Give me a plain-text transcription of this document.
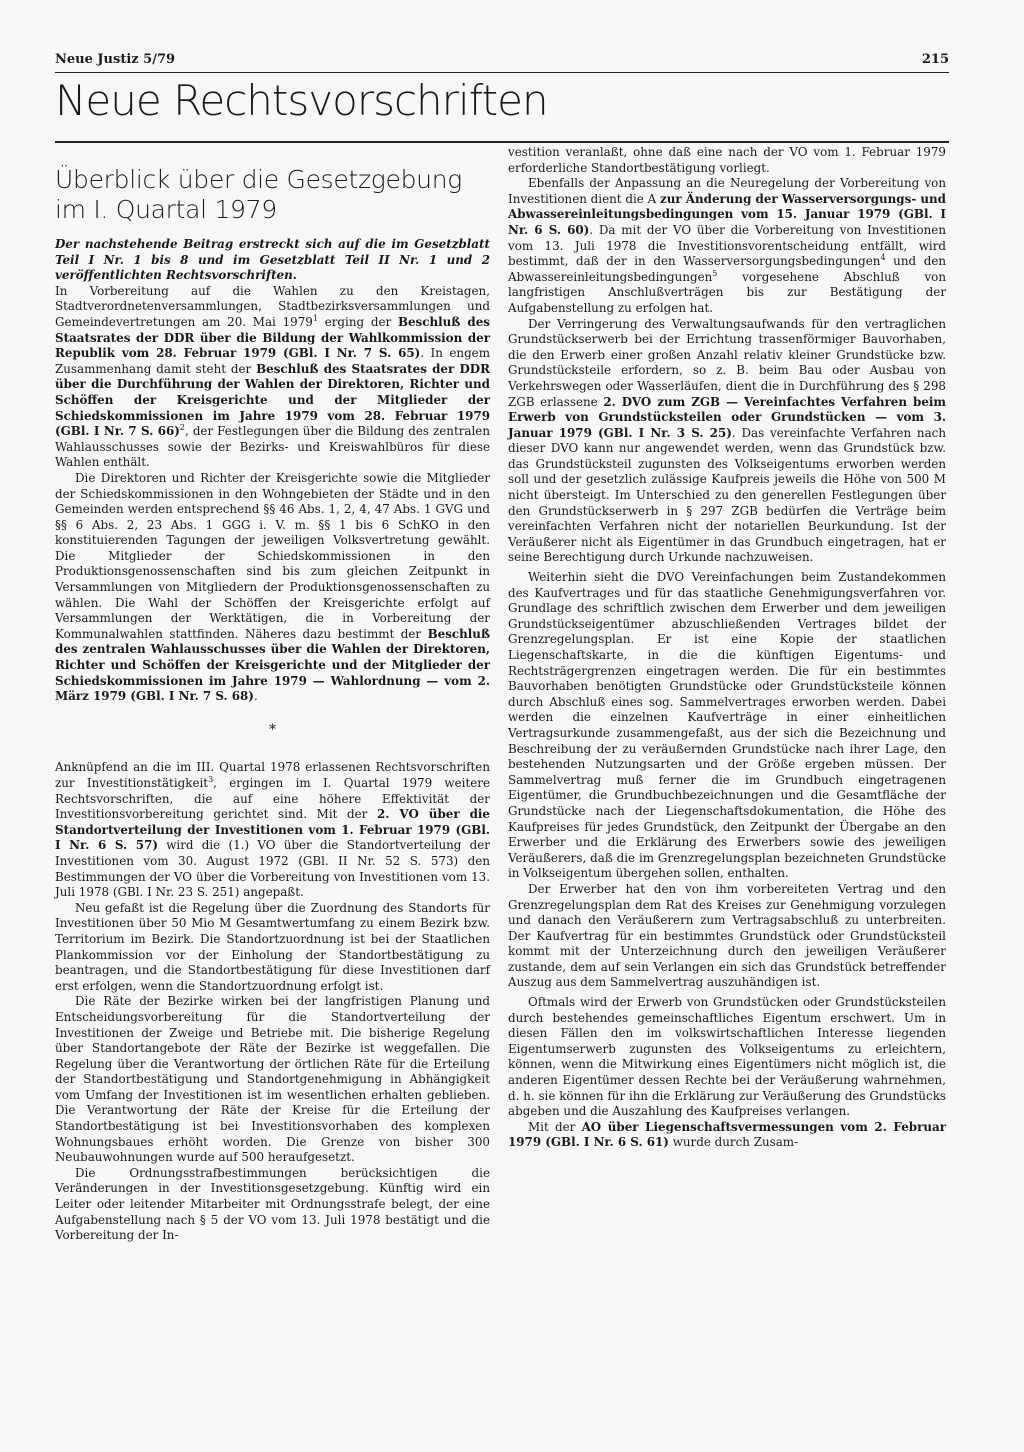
Neue Justiz 5/79	215
Neue Rechtsvorschriften
Überblick über die Gesetzgebung
im I. Quartal 1979

Der nachstehende Beitrag erstreckt sich auf die im Gesetzblatt Teil I Nr. 1 bis 8 und im Gesetzblatt Teil II Nr. 1 und 2 veröffentlichten Rechtsvorschriften.

In Vorbereitung auf die Wahlen zu den Kreistagen, Stadtverordnetenversammlungen, Stadtbezirksversammlungen und Gemeindevertretungen am 20. Mai 1979$^1$ erging der Beschluß des Staatsrates der DDR über die Bildung der Wahlkommission der Republik vom 28. Februar 1979 (GBl. I Nr. 7 S. 65). In engem Zusammenhang damit steht der Beschluß des Staatsrates der DDR über die Durchführung der Wahlen der Direktoren, Richter und Schöffen der Kreisgerichte und der Mitglieder der Schiedskommissionen im Jahre 1979 vom 28. Februar 1979 (GBl. I Nr. 7 S. 66)$^2$, der Festlegungen über die Bildung des zentralen Wahlausschusses sowie der Bezirks- und Kreiswahlbüros für diese Wahlen enthält.

Die Direktoren und Richter der Kreisgerichte sowie die Mitglieder der Schiedskommissionen in den Wohngebieten der Städte und in den Gemeinden werden entsprechend §§ 46 Abs. 1, 2, 4, 47 Abs. 1 GVG und §§ 6 Abs. 2, 23 Abs. 1 GGG i. V. m. §§ 1 bis 6 SchKO in den konstituierenden Tagungen der jeweiligen Volksvertretung gewählt. Die Mitglieder der Schiedskommissionen in den Produktionsgenossenschaften sind bis zum gleichen Zeitpunkt in Versammlungen von Mitgliedern der Produktionsgenossenschaften zu wählen. Die Wahl der Schöffen der Kreisgerichte erfolgt auf Versammlungen der Werktätigen, die in Vorbereitung der Kommunalwahlen stattfinden. Näheres dazu bestimmt der Beschluß des zentralen Wahlausschusses über die Wahlen der Direktoren, Richter und Schöffen der Kreisgerichte und der Mitglieder der Schiedskommissionen im Jahre 1979 — Wahlordnung — vom 2. März 1979 (GBl. I Nr. 7 S. 68).

*

Anknüpfend an die im III. Quartal 1978 erlassenen Rechtsvorschriften zur Investitionstätigkeit$^3$, ergingen im I. Quartal 1979 weitere Rechtsvorschriften, die auf eine höhere Effektivität der Investitionsvorbereitung gerichtet sind. Mit der 2. VO über die Standortverteilung der Investitionen vom 1. Februar 1979 (GBl. I Nr. 6 S. 57) wird die (1.) VO über die Standortverteilung der Investitionen vom 30. August 1972 (GBl. II Nr. 52 S. 573) den Bestimmungen der VO über die Vorbereitung von Investitionen vom 13. Juli 1978 (GBl. I Nr. 23 S. 251) angepaßt.

Neu gefaßt ist die Regelung über die Zuordnung des Standorts für Investitionen über 50 Mio M Gesamtwertumfang zu einem Bezirk bzw. Territorium im Bezirk. Die Standortzuordnung ist bei der Staatlichen Plankommission vor der Einholung der Standortbestätigung zu beantragen, und die Standortbestätigung für diese Investitionen darf erst erfolgen, wenn die Standortzuordnung erfolgt ist.

Die Räte der Bezirke wirken bei der langfristigen Planung und Entscheidungsvorbereitung für die Standortverteilung der Investitionen der Zweige und Betriebe mit. Die bisherige Regelung über Standortangebote der Räte der Bezirke ist weggefallen. Die Regelung über die Verantwortung der örtlichen Räte für die Erteilung der Standortbestätigung und Standortgenehmigung in Abhängigkeit vom Umfang der Investitionen ist im wesentlichen erhalten geblieben. Die Verantwortung der Räte der Kreise für die Erteilung der Standortbestätigung ist bei Investitionsvorhaben des komplexen Wohnungsbaues erhöht worden. Die Grenze von bisher 300 Neubauwohnungen wurde auf 500 heraufgesetzt.

Die Ordnungsstrafbestimmungen berücksichtigen die Veränderungen in der Investitionsgesetzgebung. Künftig wird ein Leiter oder leitender Mitarbeiter mit Ordnungsstrafe belegt, der eine Aufgabenstellung nach § 5 der VO vom 13. Juli 1978 bestätigt und die Vorbereitung der In-

vestition veranlaßt, ohne daß eine nach der VO vom 1. Februar 1979 erforderliche Standortbestätigung vorliegt.

Ebenfalls der Anpassung an die Neuregelung der Vorbereitung von Investitionen dient die A zur Änderung der Wasserversorgungs- und Abwassereinleitungsbedingungen vom 15. Januar 1979 (GBl. I Nr. 6 S. 60). Da mit der VO über die Vorbereitung von Investitionen vom 13. Juli 1978 die Investitionsvorentscheidung entfällt, wird bestimmt, daß der in den Wasserversorgungsbedingungen$^4$ und den Abwassereinleitungsbedingungen$^5$ vorgesehene Abschluß von langfristigen Anschlußverträgen bis zur Bestätigung der Aufgabenstellung zu erfolgen hat.

Der Verringerung des Verwaltungsaufwands für den vertraglichen Grundstückserwerb bei der Errichtung trassenförmiger Bauvorhaben, die den Erwerb einer großen Anzahl relativ kleiner Grundstücke bzw. Grundstücksteile erfordern, so z. B. beim Bau oder Ausbau von Verkehrswegen oder Wasserläufen, dient die in Durchführung des § 298 ZGB erlassene 2. DVO zum ZGB — Vereinfachtes Verfahren beim Erwerb von Grundstücksteilen oder Grundstücken — vom 3. Januar 1979 (GBl. I Nr. 3 S. 25). Das vereinfachte Verfahren nach dieser DVO kann nur angewendet werden, wenn das Grundstück bzw. das Grundstücksteil zugunsten des Volkseigentums erworben werden soll und der gesetzlich zulässige Kaufpreis jeweils die Höhe von 500 M nicht übersteigt. Im Unterschied zu den generellen Festlegungen über den Grundstückserwerb in § 297 ZGB bedürfen die Verträge beim vereinfachten Verfahren nicht der notariellen Beurkundung. Ist der Veräußerer nicht als Eigentümer in das Grundbuch eingetragen, hat er seine Berechtigung durch Urkunde nachzuweisen.

Weiterhin sieht die DVO Vereinfachungen beim Zustandekommen des Kaufvertrages und für das staatliche Genehmigungsverfahren vor. Grundlage des schriftlich zwischen dem Erwerber und dem jeweiligen Grundstückseigentümer abzuschließenden Vertrages bildet der Grenzregelungsplan. Er ist eine Kopie der staatlichen Liegenschaftskarte, in die die künftigen Eigentums- und Rechtsträgergrenzen eingetragen werden. Die für ein bestimmtes Bauvorhaben benötigten Grundstücke oder Grundstücksteile können durch Abschluß eines sog. Sammelvertrages erworben werden. Dabei werden die einzelnen Kaufverträge in einer einheitlichen Vertragsurkunde zusammengefaßt, aus der sich die Bezeichnung und Beschreibung der zu veräußernden Grundstücke nach ihrer Lage, den bestehenden Nutzungsarten und der Größe ergeben müssen. Der Sammelvertrag muß ferner die im Grundbuch eingetragenen Eigentümer, die Grundbuchbezeichnungen und die Gesamtfläche der Grundstücke nach der Liegenschaftsdokumentation, die Höhe des Kaufpreises für jedes Grundstück, den Zeitpunkt der Übergabe an den Erwerber und die Erklärung des Erwerbers sowie des jeweiligen Veräußerers, daß die im Grenzregelungsplan bezeichneten Grundstücke in Volkseigentum übergehen sollen, enthalten.

Der Erwerber hat den von ihm vorbereiteten Vertrag und den Grenzregelungsplan dem Rat des Kreises zur Genehmigung vorzulegen und danach den Veräußerern zum Vertragsabschluß zu unterbreiten. Der Kaufvertrag für ein bestimmtes Grundstück oder Grundstücksteil kommt mit der Unterzeichnung durch den jeweiligen Veräußerer zustande, dem auf sein Verlangen ein sich das Grundstück betreffender Auszug aus dem Sammelvertrag auszuhändigen ist.

Oftmals wird der Erwerb von Grundstücken oder Grundstücksteilen durch bestehendes gemeinschaftliches Eigentum erschwert. Um in diesen Fällen den im volkswirtschaftlichen Interesse liegenden Eigentumserwerb zugunsten des Volkseigentums zu erleichtern, können, wenn die Mitwirkung eines Eigentümers nicht möglich ist, die anderen Eigentümer dessen Rechte bei der Veräußerung wahrnehmen, d. h. sie können für ihn die Erklärung zur Veräußerung des Grundstücks abgeben und die Auszahlung des Kaufpreises verlangen.

Mit der AO über Liegenschaftsvermessungen vom 2. Februar 1979 (GBl. I Nr. 6 S. 61) wurde durch Zusam-
